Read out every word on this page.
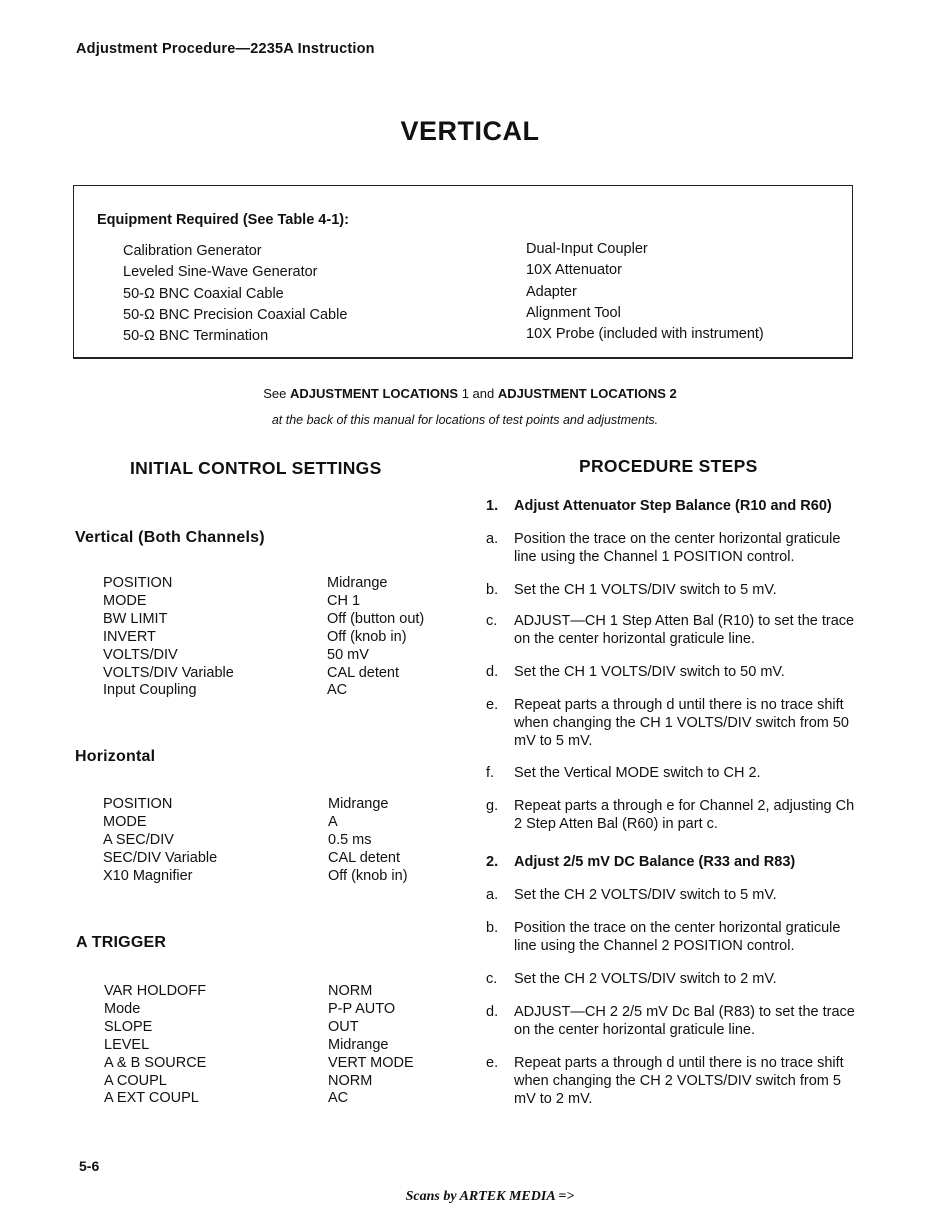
Adjustment Procedure—2235A Instruction
VERTICAL
Equipment Required (See Table 4-1):
Calibration Generator
Leveled Sine-Wave Generator
50-Ω BNC Coaxial Cable
50-Ω BNC Precision Coaxial Cable
50-Ω BNC Termination
Dual-Input Coupler
10X Attenuator
Adapter
Alignment Tool
10X Probe (included with instrument)
See ADJUSTMENT LOCATIONS 1 and ADJUSTMENT LOCATIONS 2
at the back of this manual for locations of test points and adjustments.
INITIAL CONTROL SETTINGS	PROCEDURE STEPS
Vertical (Both Channels)
POSITION
MODE
BW LIMIT
INVERT
VOLTS/DIV
VOLTS/DIV Variable
Input Coupling
Midrange
CH 1
Off (button out)
Off (knob in)
50 mV
CAL detent
AC
Horizontal
POSITION
MODE
A SEC/DIV
SEC/DIV Variable
X10 Magnifier
Midrange
A
0.5 ms
CAL detent
Off (knob in)
A TRIGGER
VAR HOLDOFF
Mode
SLOPE
LEVEL
A & B SOURCE
A COUPL
A EXT COUPL
NORM
P-P AUTO
OUT
Midrange
VERT MODE
NORM
AC
1. Adjust Attenuator Step Balance (R10 and R60)
a. Position the trace on the center horizontal graticule line using the Channel 1 POSITION control.
b. Set the CH 1 VOLTS/DIV switch to 5 mV.
c. ADJUST—CH 1 Step Atten Bal (R10) to set the trace on the center horizontal graticule line.
d. Set the CH 1 VOLTS/DIV switch to 50 mV.
e. Repeat parts a through d until there is no trace shift when changing the CH 1 VOLTS/DIV switch from 50 mV to 5 mV.
f. Set the Vertical MODE switch to CH 2.
g. Repeat parts a through e for Channel 2, adjusting Ch 2 Step Atten Bal (R60) in part c.
2. Adjust 2/5 mV DC Balance (R33 and R83)
a. Set the CH 2 VOLTS/DIV switch to 5 mV.
b. Position the trace on the center horizontal graticule line using the Channel 2 POSITION control.
c. Set the CH 2 VOLTS/DIV switch to 2 mV.
d. ADJUST—CH 2 2/5 mV Dc Bal (R83) to set the trace on the center horizontal graticule line.
e. Repeat parts a through d until there is no trace shift when changing the CH 2 VOLTS/DIV switch from 5 mV to 2 mV.
5-6
Scans by ARTEK MEDIA =>
